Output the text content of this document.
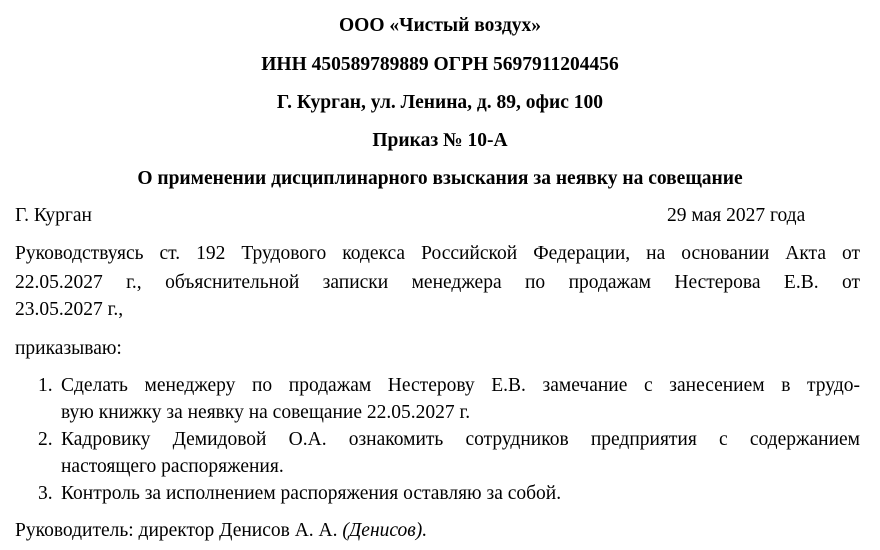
ООО «Чистый воздух»
ИНН 450589789889 ОГРН 5697911204456
Г. Курган, ул. Ленина, д. 89, офис 100
Приказ № 10-А
О применении дисциплинарного взыскания за неявку на совещание
Г. Курган	29 мая 2027 года
Руководствуясь ст. 192 Трудового кодекса Российской Федерации, на основании Акта от
22.05.2027 г., объяснительной записки менеджера по продажам Нестерова Е.В. от
23.05.2027 г.,
приказываю:
1. Сделать менеджеру по продажам Нестерову Е.В. замечание с занесением в трудо-
вую книжку за неявку на совещание 22.05.2027 г.
2. Кадровику Демидовой О.А. ознакомить сотрудников предприятия с содержанием
настоящего распоряжения.
3. Контроль за исполнением распоряжения оставляю за собой.
Руководитель: директор Денисов А. А. (Денисов).
